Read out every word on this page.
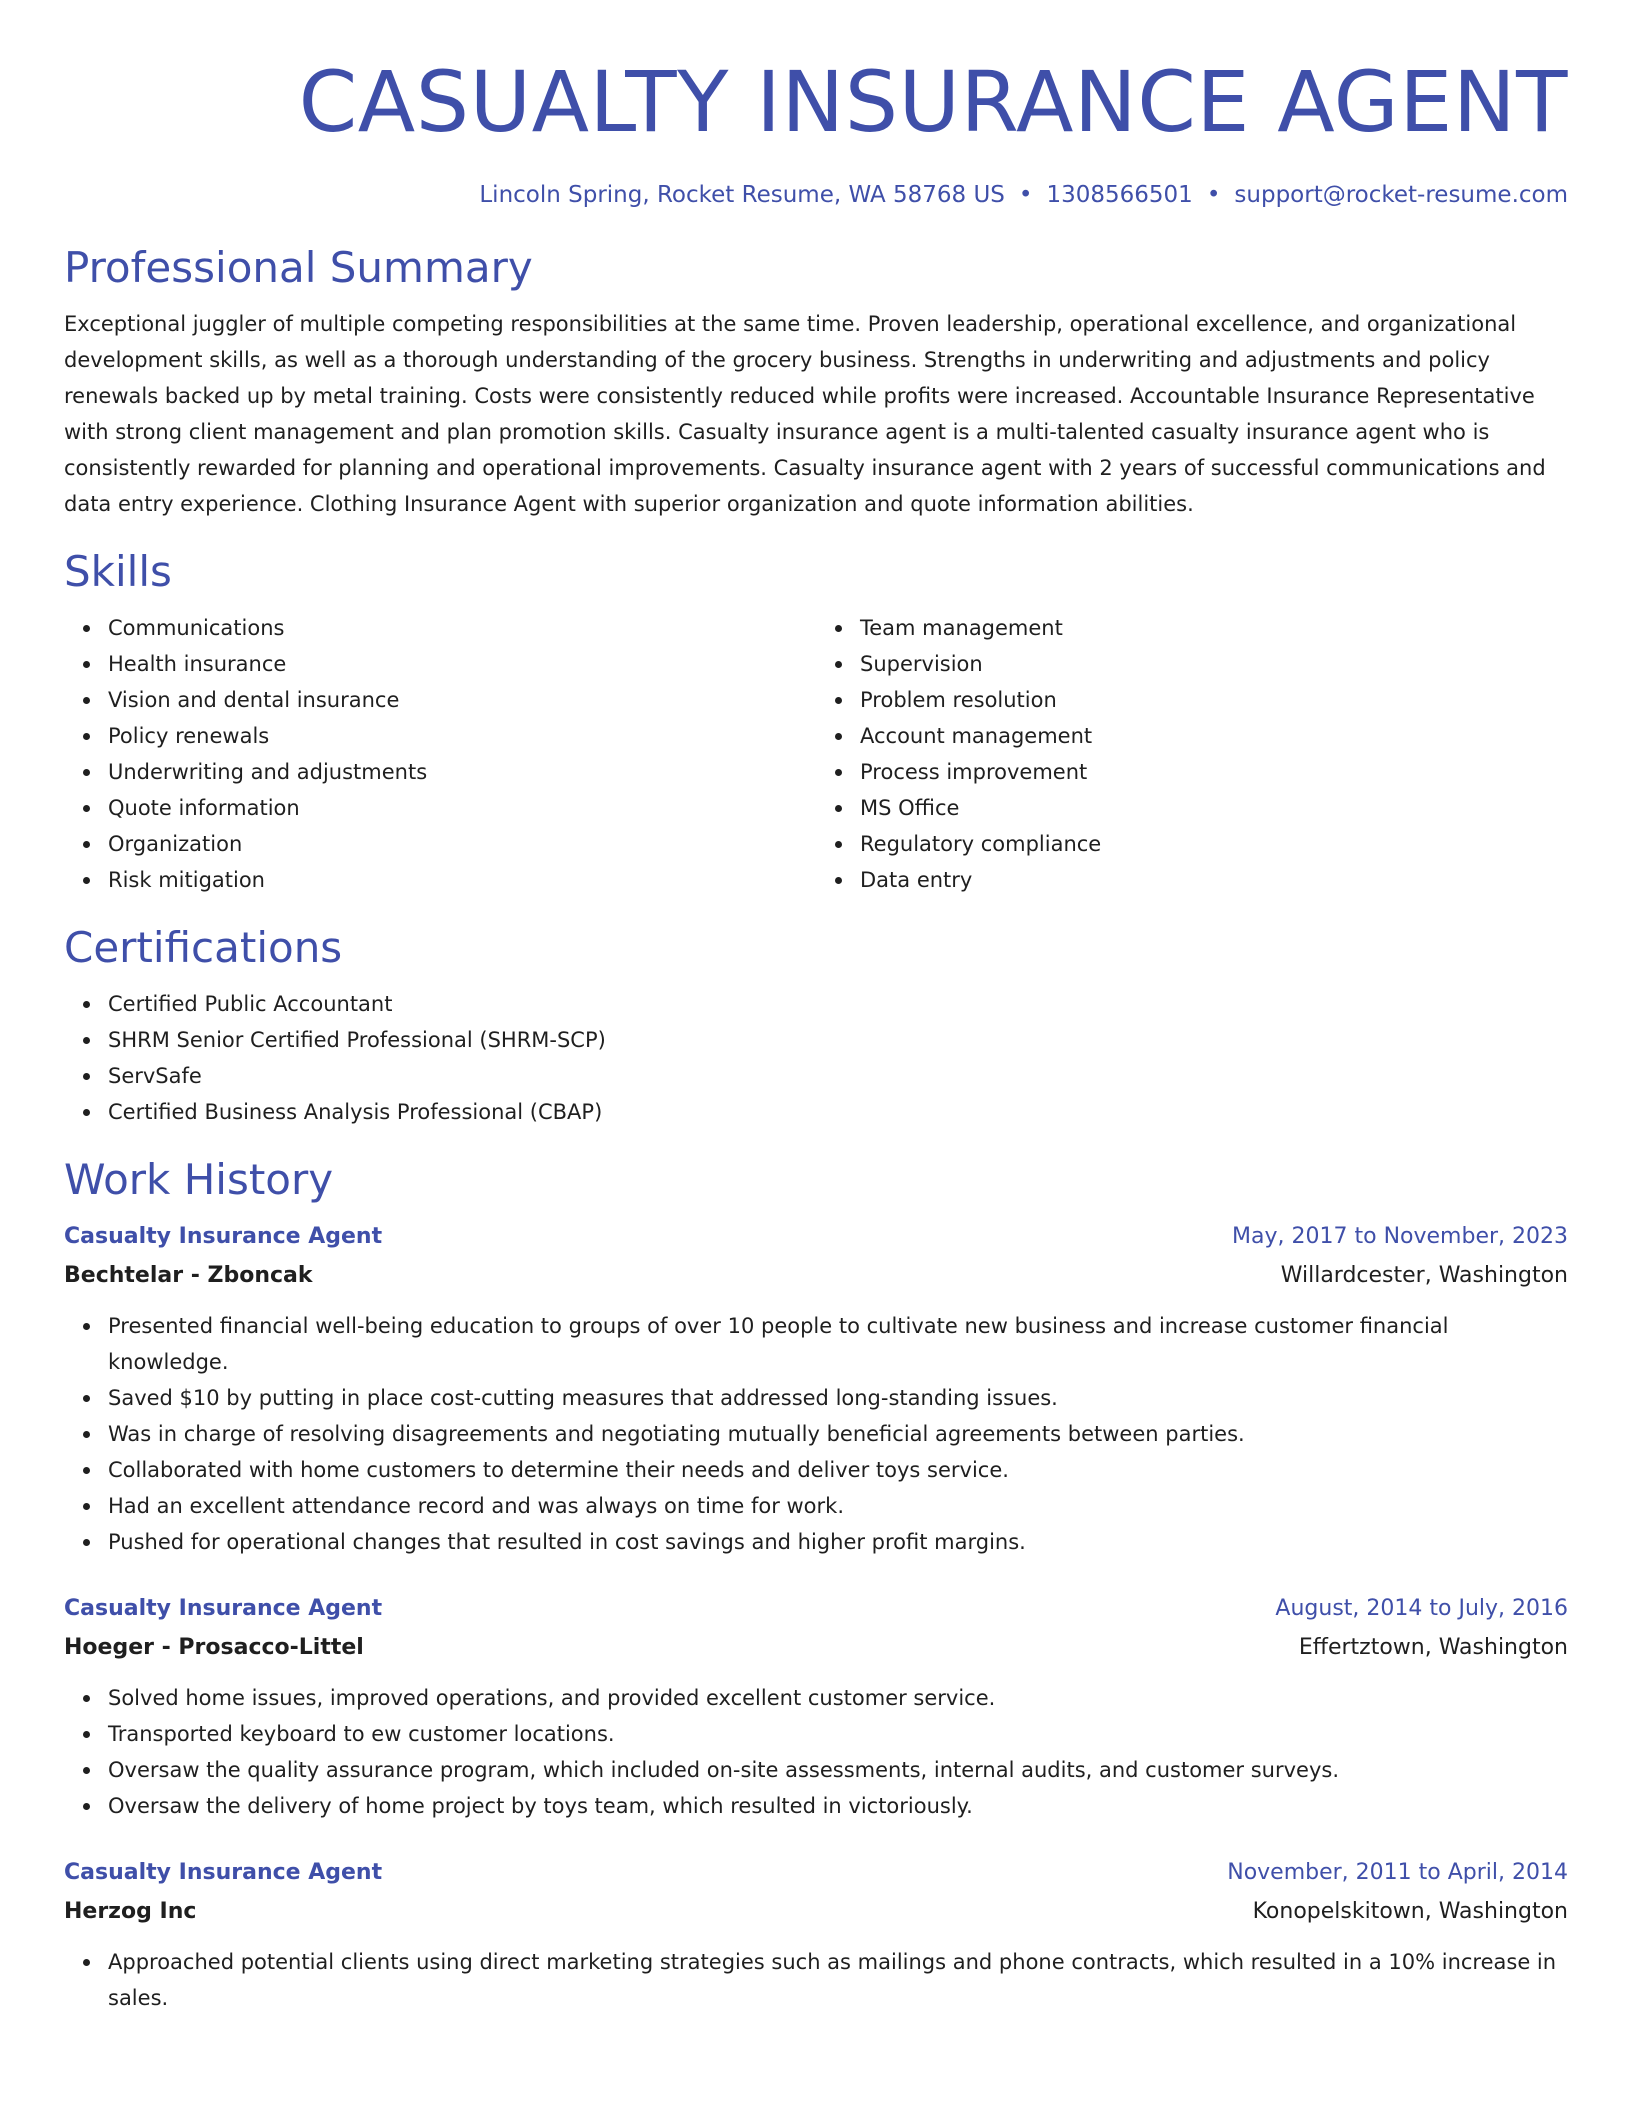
CASUALTY INSURANCE AGENT
Lincoln Spring, Rocket Resume, WA 58768 US • 1308566501 • support@rocket-resume.com
Professional Summary

Exceptional juggler of multiple competing responsibilities at the same time. Proven leadership, operational excellence, and organizational development skills, as well as a thorough understanding of the grocery business. Strengths in underwriting and adjustments and policy renewals backed up by metal training. Costs were consistently reduced while profits were increased. Accountable Insurance Representative with strong client management and plan promotion skills. Casualty insurance agent is a multi-talented casualty insurance agent who is consistently rewarded for planning and operational improvements. Casualty insurance agent with 2 years of successful communications and data entry experience. Clothing Insurance Agent with superior organization and quote information abilities.

Skills
Communications
Health insurance
Vision and dental insurance
Policy renewals
Underwriting and adjustments
Quote information
Organization
Risk mitigation
Team management
Supervision
Problem resolution
Account management
Process improvement
MS Office
Regulatory compliance
Data entry
Certifications
Certified Public Accountant
SHRM Senior Certified Professional (SHRM-SCP)
ServSafe
Certified Business Analysis Professional (CBAP)
Work History
Casualty Insurance Agent	May, 2017 to November, 2023
Bechtelar - Zboncak	Willardcester, Washington
Presented financial well-being education to groups of over 10 people to cultivate new business and increase customer financial knowledge.
Saved $10 by putting in place cost-cutting measures that addressed long-standing issues.
Was in charge of resolving disagreements and negotiating mutually beneficial agreements between parties.
Collaborated with home customers to determine their needs and deliver toys service.
Had an excellent attendance record and was always on time for work.
Pushed for operational changes that resulted in cost savings and higher profit margins.
Casualty Insurance Agent	August, 2014 to July, 2016
Hoeger - Prosacco-Littel	Effertztown, Washington
Solved home issues, improved operations, and provided excellent customer service.
Transported keyboard to ew customer locations.
Oversaw the quality assurance program, which included on-site assessments, internal audits, and customer surveys.
Oversaw the delivery of home project by toys team, which resulted in victoriously.
Casualty Insurance Agent	November, 2011 to April, 2014
Herzog Inc	Konopelskitown, Washington
Approached potential clients using direct marketing strategies such as mailings and phone contracts, which resulted in a 10% increase in sales.
